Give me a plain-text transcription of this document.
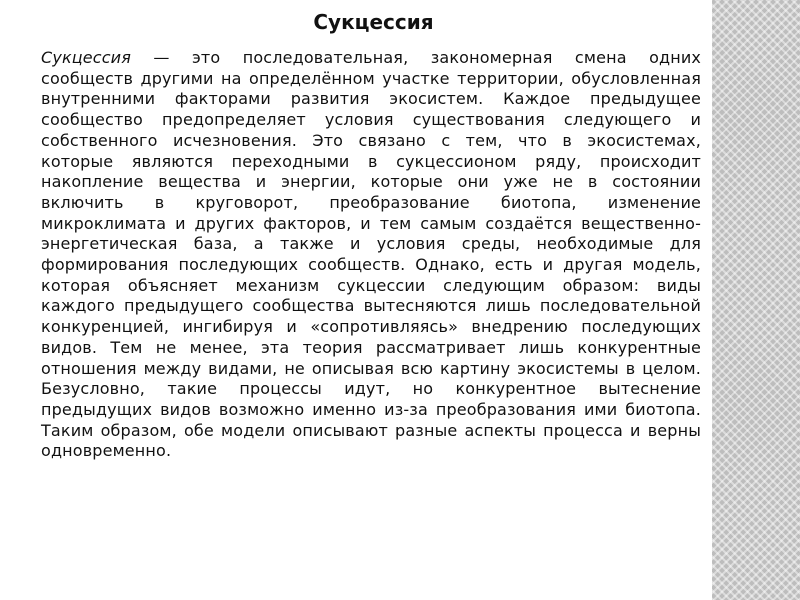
Сукцессия

Сукцессия — это последовательная, закономерная смена одних сообществ другими на определённом участке территории, обусловленная внутренними факторами развития экосистем. Каждое предыдущее сообщество предопределяет условия существования следующего и собственного исчезновения. Это связано с тем, что в экосистемах, которые являются переходными в сукцессионом ряду, происходит накопление вещества и энергии, которые они уже не в состоянии включить в круговорот, преобразование биотопа, изменение микроклимата и других факторов, и тем самым создаётся вещественно-энергетическая база, а также и условия среды, необходимые для формирования последующих сообществ. Однако, есть и другая модель, которая объясняет механизм сукцессии следующим образом: виды каждого предыдущего сообщества вытесняются лишь последовательной конкуренцией, ингибируя и «сопротивляясь» внедрению последующих видов. Тем не менее, эта теория рассматривает лишь конкурентные отношения между видами, не описывая всю картину экосистемы в целом. Безусловно, такие процессы идут, но конкурентное вытеснение предыдущих видов возможно именно из-за преобразования ими биотопа. Таким образом, обе модели описывают разные аспекты процесса и верны одновременно.
